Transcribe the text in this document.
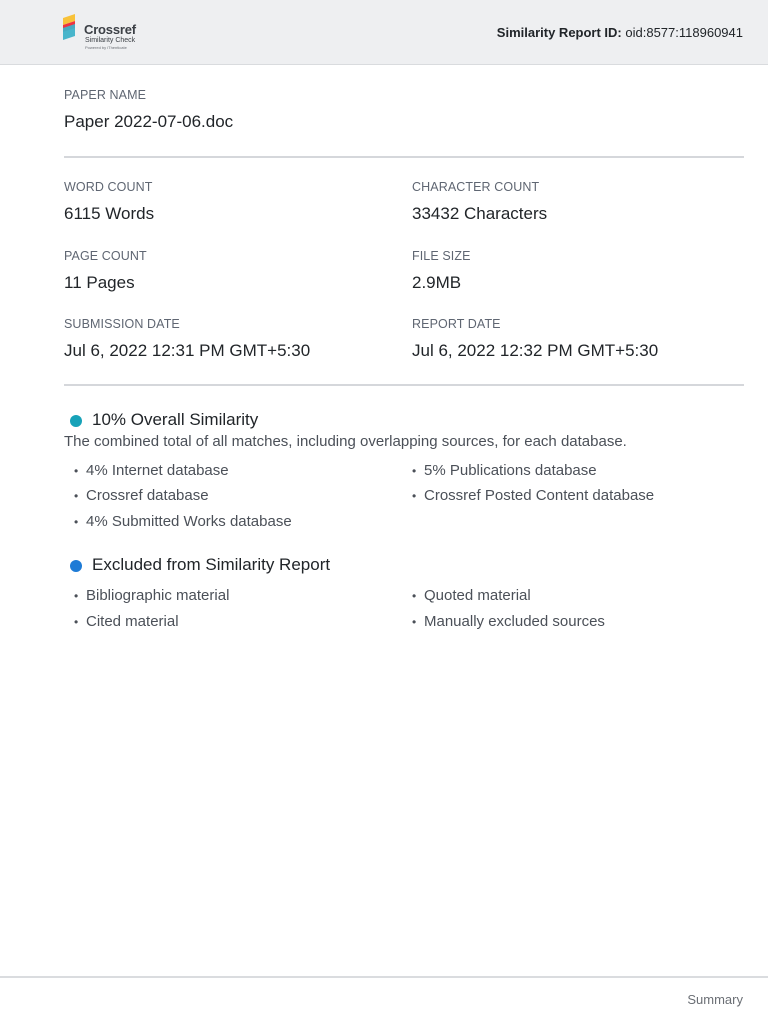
Crossref
Similarity Check
Powered by iThenticate
Similarity Report ID: oid:8577:118960941
PAPER NAME
Paper 2022-07-06.doc
WORD COUNT
6115 Words
CHARACTER COUNT
33432 Characters
PAGE COUNT
11 Pages
FILE SIZE
2.9MB
SUBMISSION DATE
Jul 6, 2022 12:31 PM GMT+5:30
REPORT DATE
Jul 6, 2022 12:32 PM GMT+5:30
10% Overall Similarity
The combined total of all matches, including overlapping sources, for each database.
• 4% Internet database	• 5% Publications database
• Crossref database	• Crossref Posted Content database
• 4% Submitted Works database
Excluded from Similarity Report
• Bibliographic material	• Quoted material
• Cited material	• Manually excluded sources
Summary
